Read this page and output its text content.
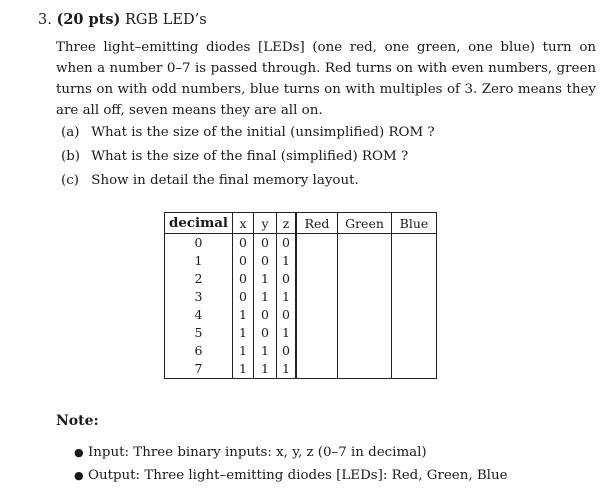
3. (20 pts) RGB LED’s
Three light–emitting diodes [LEDs] (one red, one green, one blue) turn on when a number 0–7 is passed through. Red turns on with even numbers, green turns on with odd numbers, blue turns on with multiples of 3. Zero means they are all off, seven means they are all on.
(a) What is the size of the initial (unsimplified) ROM ?
(b) What is the size of the final (simplified) ROM ?
(c) Show in detail the final memory layout.
decimal	x	y	z	Red	Green	Blue
0	0	0	0			
1	0	0	1			
2	0	1	0			
3	0	1	1			
4	1	0	0			
5	1	0	1			
6	1	1	0			
7	1	1	1			
Note:
● Input: Three binary inputs: x, y, z (0–7 in decimal)
● Output: Three light–emitting diodes [LEDs]: Red, Green, Blue
